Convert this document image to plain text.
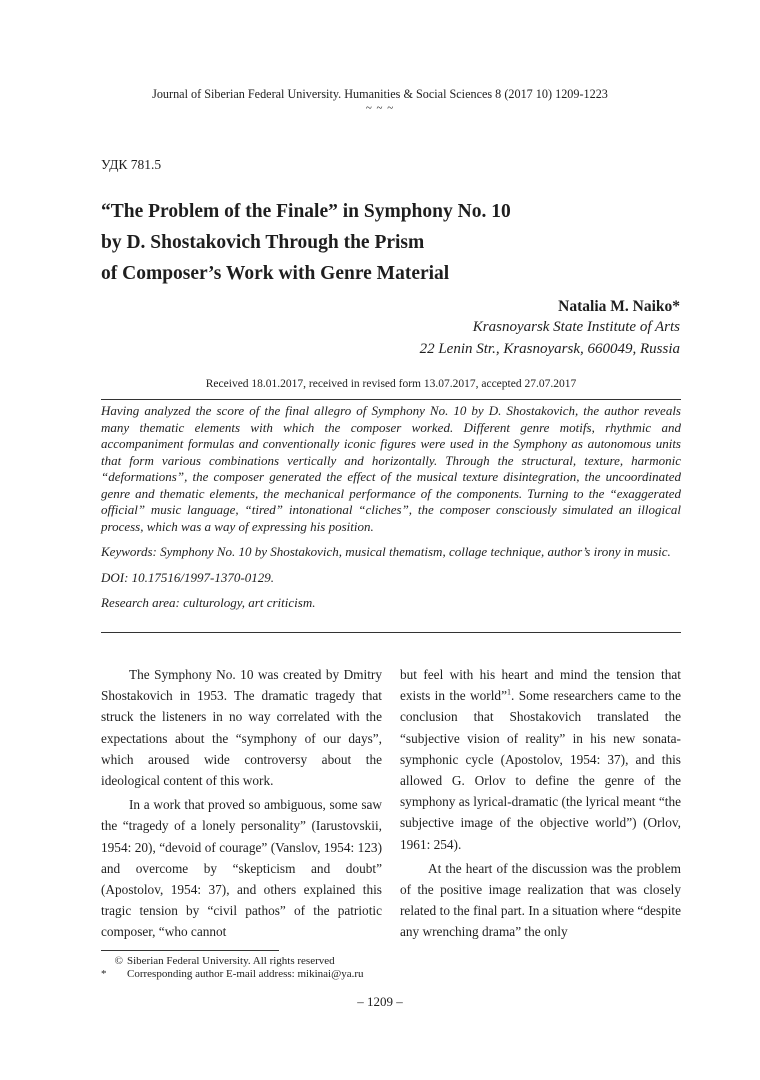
Journal of Siberian Federal University. Humanities & Social Sciences 8 (2017 10) 1209-1223
~ ~ ~
УДК 781.5
“The Problem of the Finale” in Symphony No. 10
by D. Shostakovich Through the Prism
of Composer’s Work with Genre Material
Natalia M. Naiko*
Krasnoyarsk State Institute of Arts
22 Lenin Str., Krasnoyarsk, 660049, Russia
Received 18.01.2017, received in revised form 13.07.2017, accepted 27.07.2017

Having analyzed the score of the final allegro of Symphony No. 10 by D. Shostakovich, the author reveals many thematic elements with which the composer worked. Different genre motifs, rhythmic and accompaniment formulas and conventionally iconic figures were used in the Symphony as autonomous units that form various combinations vertically and horizontally. Through the structural, texture, harmonic “deformations”, the composer generated the effect of the musical texture disintegration, the uncoordinated genre and thematic elements, the mechanical performance of the components. Turning to the “exaggerated official” music language, “tired” intonational “cliches”, the composer consciously simulated an illogical process, which was a way of expressing his position.

Keywords: Symphony No. 10 by Shostakovich, musical thematism, collage technique, author’s irony in music.

DOI: 10.17516/1997-1370-0129.

Research area: culturology, art criticism.

The Symphony No. 10 was created by Dmitry Shostakovich in 1953. The dramatic tragedy that struck the listeners in no way correlated with the expectations about the “symphony of our days”, which aroused wide controversy about the ideological content of this work.

In a work that proved so ambiguous, some saw the “tragedy of a lonely personality” (Iarustovskii, 1954: 20), “devoid of courage” (Vanslov, 1954: 123) and overcome by “skepticism and doubt” (Apostolov, 1954: 37), and others explained this tragic tension by “civil pathos” of the patriotic composer, “who cannot

but feel with his heart and mind the tension that exists in the world”$^1$. Some researchers came to the conclusion that Shostakovich translated the “subjective vision of reality” in his new sonata-symphonic cycle (Apostolov, 1954: 37), and this allowed G. Orlov to define the genre of the symphony as lyrical-dramatic (the lyrical meant “the subjective image of the objective world”) (Orlov, 1961: 254).

At the heart of the discussion was the problem of the positive image realization that was closely related to the final part. In a situation where “despite any wrenching drama” the only

© Siberian Federal University. All rights reserved
* Corresponding author E-mail address: mikinai@ya.ru
– 1209 –
